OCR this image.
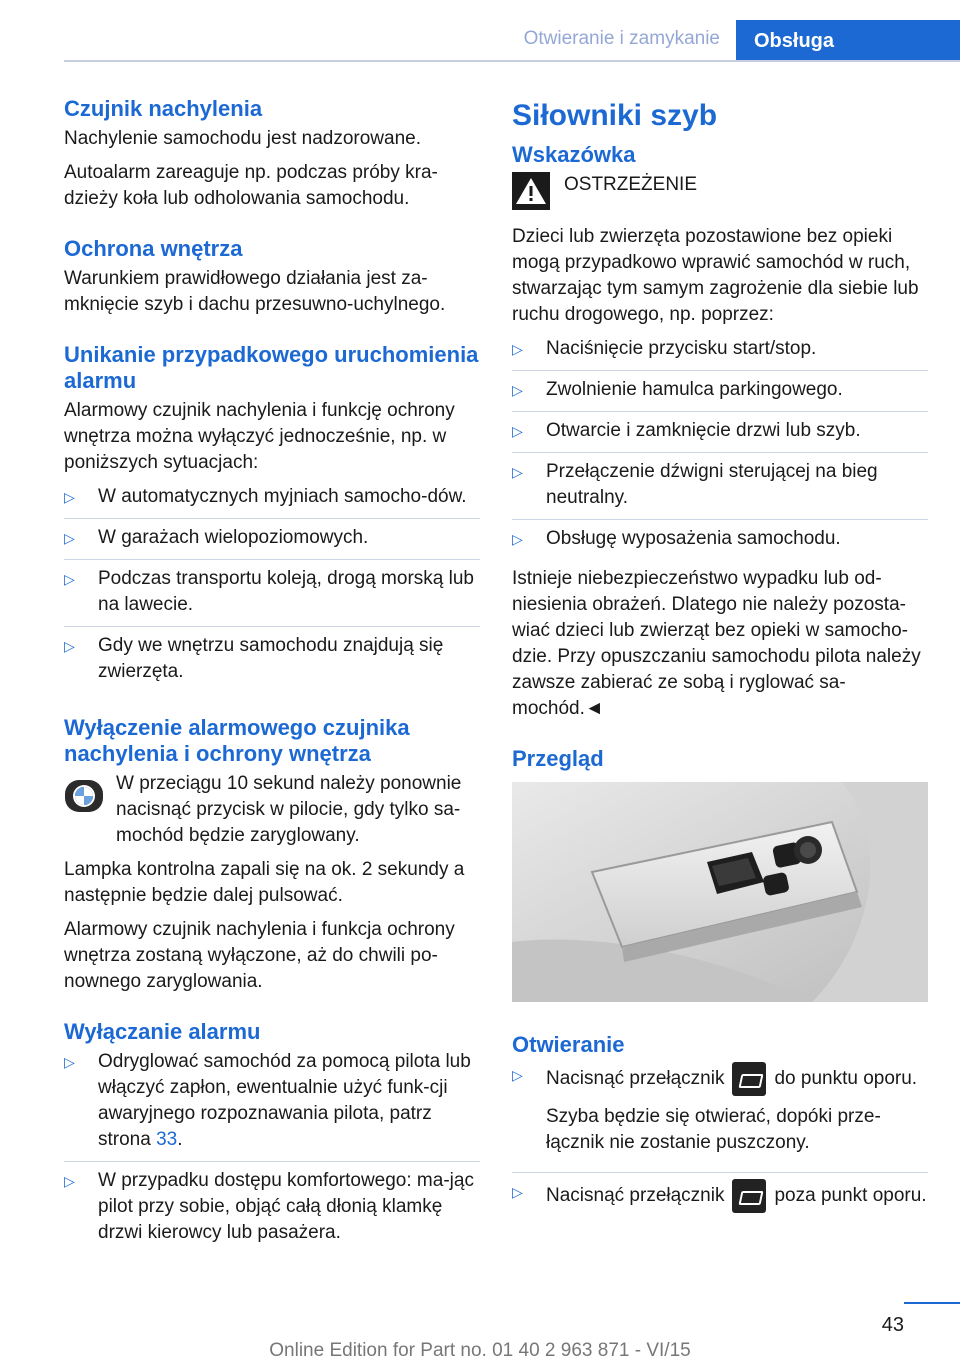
Otwieranie i zamykanie	Obsługa
Czujnik nachylenia

Nachylenie samochodu jest nadzorowane.

Autoalarm zareaguje np. podczas próby kra-dzieży koła lub odholowania samochodu.

Ochrona wnętrza

Warunkiem prawidłowego działania jest za-mknięcie szyb i dachu przesuwno-uchylnego.

Unikanie przypadkowego uruchomienia alarmu

Alarmowy czujnik nachylenia i funkcję ochrony wnętrza można wyłączyć jednocześnie, np. w poniższych sytuacjach:

▷ W automatycznych myjniach samocho-dów.
▷ W garażach wielopoziomowych.
▷ Podczas transportu koleją, drogą morską lub na lawecie.
▷ Gdy we wnętrzu samochodu znajdują się zwierzęta.
Wyłączenie alarmowego czujnika nachylenia i ochrony wnętrza

W przeciągu 10 sekund należy ponownie nacisnąć przycisk w pilocie, gdy tylko sa-mochód będzie zaryglowany.

Lampka kontrolna zapali się na ok. 2 sekundy a następnie będzie dalej pulsować.

Alarmowy czujnik nachylenia i funkcja ochrony wnętrza zostaną wyłączone, aż do chwili po-nownego zaryglowania.

Wyłączanie alarmu
▷ Odryglować samochód za pomocą pilota lub włączyć zapłon, ewentualnie użyć funk-cji awaryjnego rozpoznawania pilota, patrz strona 33.
▷ W przypadku dostępu komfortowego: ma-jąc pilot przy sobie, objąć całą dłonią klamkę drzwi kierowcy lub pasażera.
Siłowniki szyb
Wskazówka
OSTRZEŻENIE

Dzieci lub zwierzęta pozostawione bez opieki mogą przypadkowo wprawić samochód w ruch, stwarzając tym samym zagrożenie dla siebie lub ruchu drogowego, np. poprzez:

▷ Naciśnięcie przycisku start/stop.
▷ Zwolnienie hamulca parkingowego.
▷ Otwarcie i zamknięcie drzwi lub szyb.
▷ Przełączenie dźwigni sterującej na bieg neutralny.
▷ Obsługę wyposażenia samochodu.

Istnieje niebezpieczeństwo wypadku lub od-niesienia obrażeń. Dlatego nie należy pozosta-wiać dzieci lub zwierząt bez opieki w samocho-dzie. Przy opuszczaniu samochodu pilota należy zawsze zabierać ze sobą i ryglować sa-mochód.◄

Przegląd
Otwieranie
▷ Nacisnąć przełącznik	do punktu oporu.

Szyba będzie się otwierać, dopóki prze-łącznik nie zostanie puszczony.

▷ Nacisnąć przełącznik	poza punkt oporu.
43
Online Edition for Part no. 01 40 2 963 871 - VI/15
